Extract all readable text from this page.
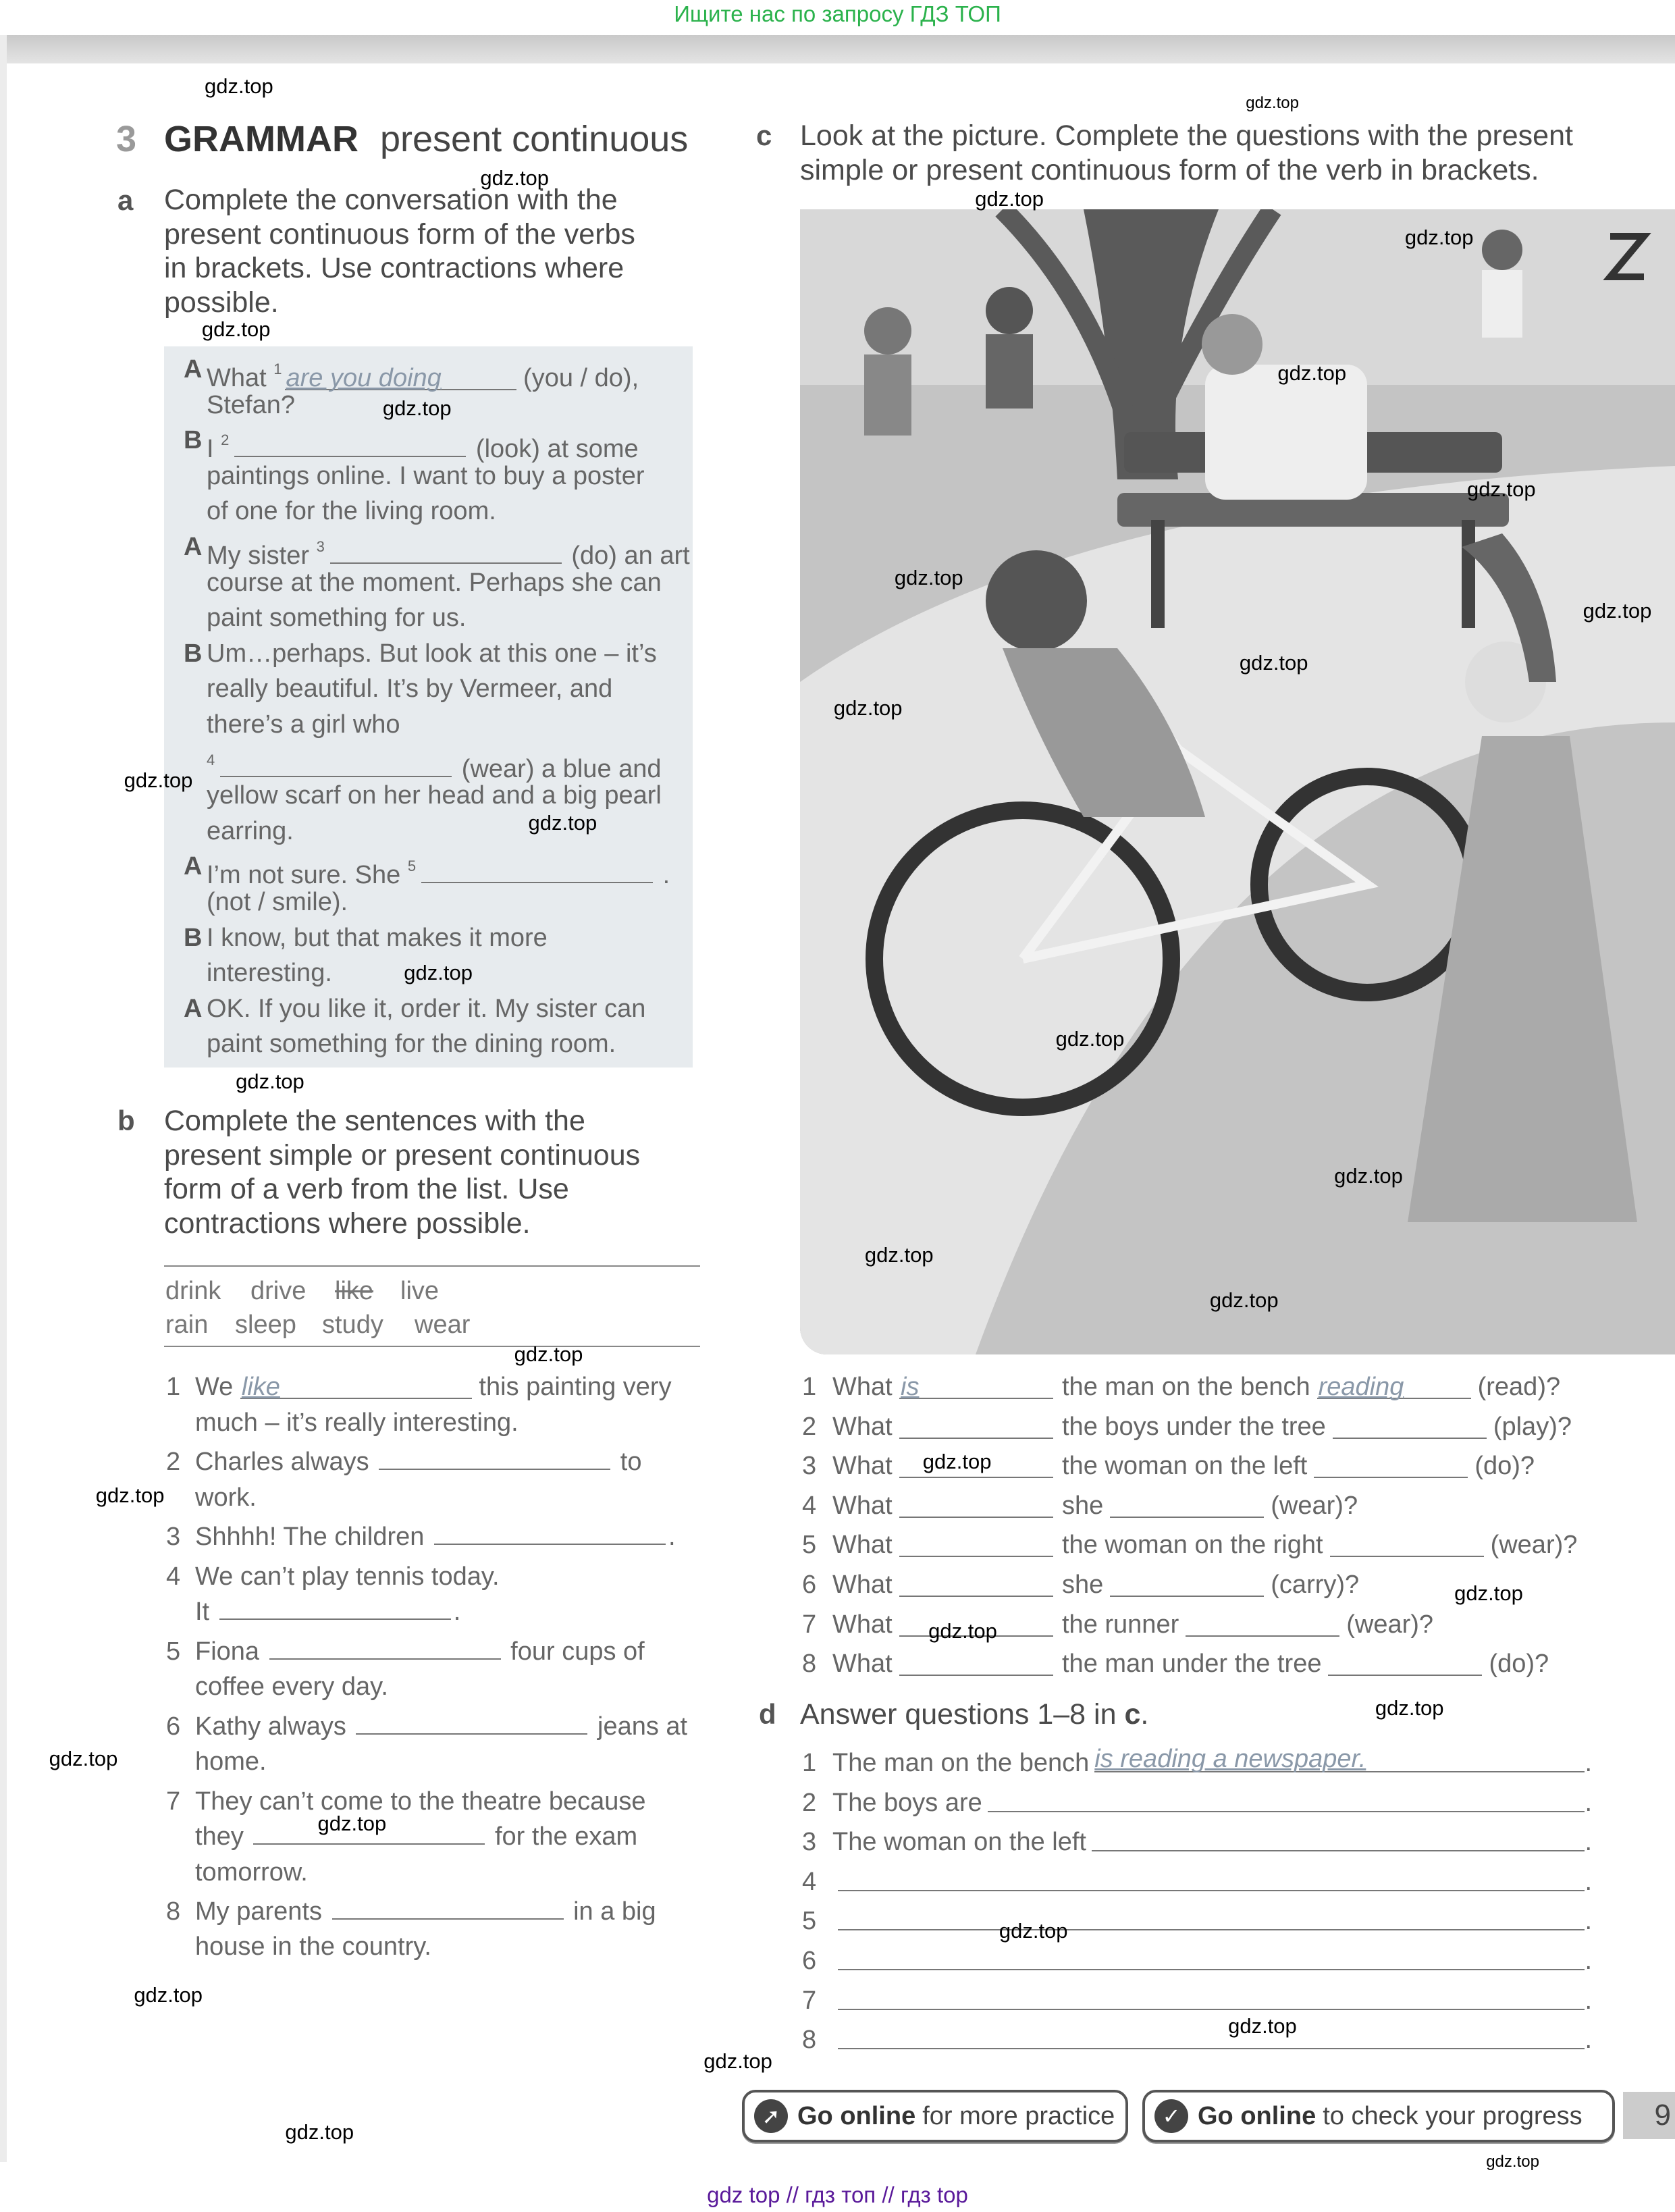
Ищите нас по запросу ГДЗ ТОП
3 GRAMMAR present continuous
a Complete the conversation with the
present continuous form of the verbs
in brackets. Use contractions where
possible.
A What $^1$ are you doing	(you / do),
Stefan?
B I $^2$	(look) at some
paintings online. I want to buy a poster
of one for the living room.
A My sister $^3$	(do) an art
course at the moment. Perhaps she can
paint something for us.
B Um…perhaps. But look at this one – it’s
really beautiful. It’s by Vermeer, and
there’s a girl who
$^4$	(wear) a blue and
yellow scarf on her head and a big pearl
earring.
A I’m not sure. She $^5$	.
(not / smile).
B I know, but that makes it more
interesting.
A OK. If you like it, order it. My sister can
paint something for the dining room.
b Complete the sentences with the
present simple or present continuous
form of a verb from the list. Use
contractions where possible.
drink drive like live
rain sleep study wear
1 We like	this painting very
much – it’s really interesting.
2 Charles always	to
work.
3 Shhhh! The children	.
4 We can’t play tennis today.
It	.
5 Fiona	four cups of
coffee every day.
6 Kathy always	jeans at
home.
7 They can’t come to the theatre because
they	for the exam
tomorrow.
8 My parents	in a big
house in the country.
c Look at the picture. Complete the questions with the present
simple or present continuous form of the verb in brackets.
1 What is	the man on the bench reading	(read)?
2 What	the boys under the tree	(play)?
3 What	the woman on the left	(do)?
4 What	she	(wear)?
5 What	the woman on the right	(wear)?
6 What	she	(carry)?
7 What	the runner	(wear)?
8 What	the man under the tree	(do)?
d Answer questions 1–8 in c.
1 The man on the bench is reading a newspaper.	.
2 The boys are	.
3 The woman on the left	.
4	.
5	.
6	.
7	.
8	.
➚ Go online for more practice	✓ Go online to check your progress	9
gdz top // гдз топ // гдз top
gdz.top
gdz.top
gdz.top
gdz.top
gdz.top
gdz.top
gdz.top
gdz.top
gdz.top
gdz.top
gdz.top
gdz.top
gdz.top
gdz.top
gdz.top
gdz.top
gdz.top
gdz.top
gdz.top
gdz.top
gdz.top
gdz.top
gdz.top
gdz.top
gdz.top
gdz.top
gdz.top
gdz.top
gdz.top
gdz.top
gdz.top
gdz.top
gdz.top
gdz.top
gdz.top
